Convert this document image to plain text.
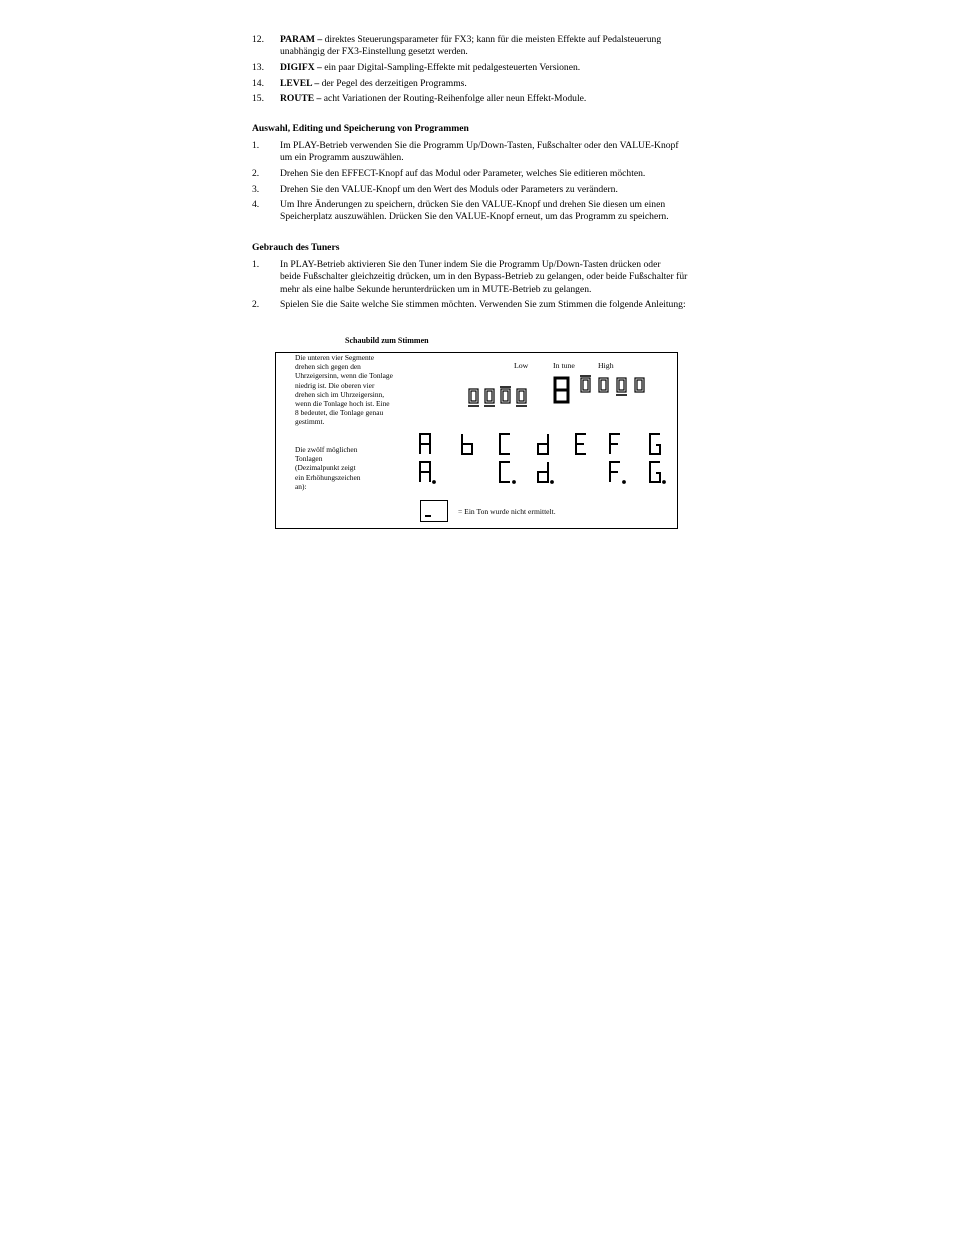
12.	PARAM – direktes Steuerungsparameter für FX3; kann für die meisten Effekte auf Pedalsteuerung
unabhängig der FX3-Einstellung gesetzt werden.
13.	DIGIFX – ein paar Digital-Sampling-Effekte mit pedalgesteuerten Versionen.
14.	LEVEL – der Pegel des derzeitigen Programms.
15.	ROUTE – acht Variationen der Routing-Reihenfolge aller neun Effekt-Module.
Auswahl, Editing und Speicherung von Programmen
1.	Im PLAY-Betrieb verwenden Sie die Programm Up/Down-Tasten, Fußschalter oder den VALUE-Knopf
um ein Programm auszuwählen.
2.	Drehen Sie den EFFECT-Knopf auf das Modul oder Parameter, welches Sie editieren möchten.
3.	Drehen Sie den VALUE-Knopf um den Wert des Moduls oder Parameters zu verändern.
4.	Um Ihre Änderungen zu speichern, drücken Sie den VALUE-Knopf und drehen Sie diesen um einen
Speicherplatz auszuwählen. Drücken Sie den VALUE-Knopf erneut, um das Programm zu speichern.
Gebrauch des Tuners
1.	In PLAY-Betrieb aktivieren Sie den Tuner indem Sie die Programm Up/Down-Tasten drücken oder
beide Fußschalter gleichzeitig drücken, um in den Bypass-Betrieb zu gelangen, oder beide Fußschalter für
mehr als eine halbe Sekunde herunterdrücken um in MUTE-Betrieb zu gelangen.
2.	Spielen Sie die Saite welche Sie stimmen möchten. Verwenden Sie zum Stimmen die folgende Anleitung:
Schaubild zum Stimmen
Die unteren vier Segmente
drehen sich gegen den
Uhrzeigersinn, wenn die Tonlage
niedrig ist. Die oberen vier
drehen sich im Uhrzeigersinn,
wenn die Tonlage hoch ist. Eine
8 bedeutet, die Tonlage genau
gestimmt.
Die zwölf möglichen
Tonlagen
(Dezimalpunkt zeigt
ein Erhöhungszeichen
an):
Low	In tune	High
= Ein Ton wurde nicht ermittelt.
